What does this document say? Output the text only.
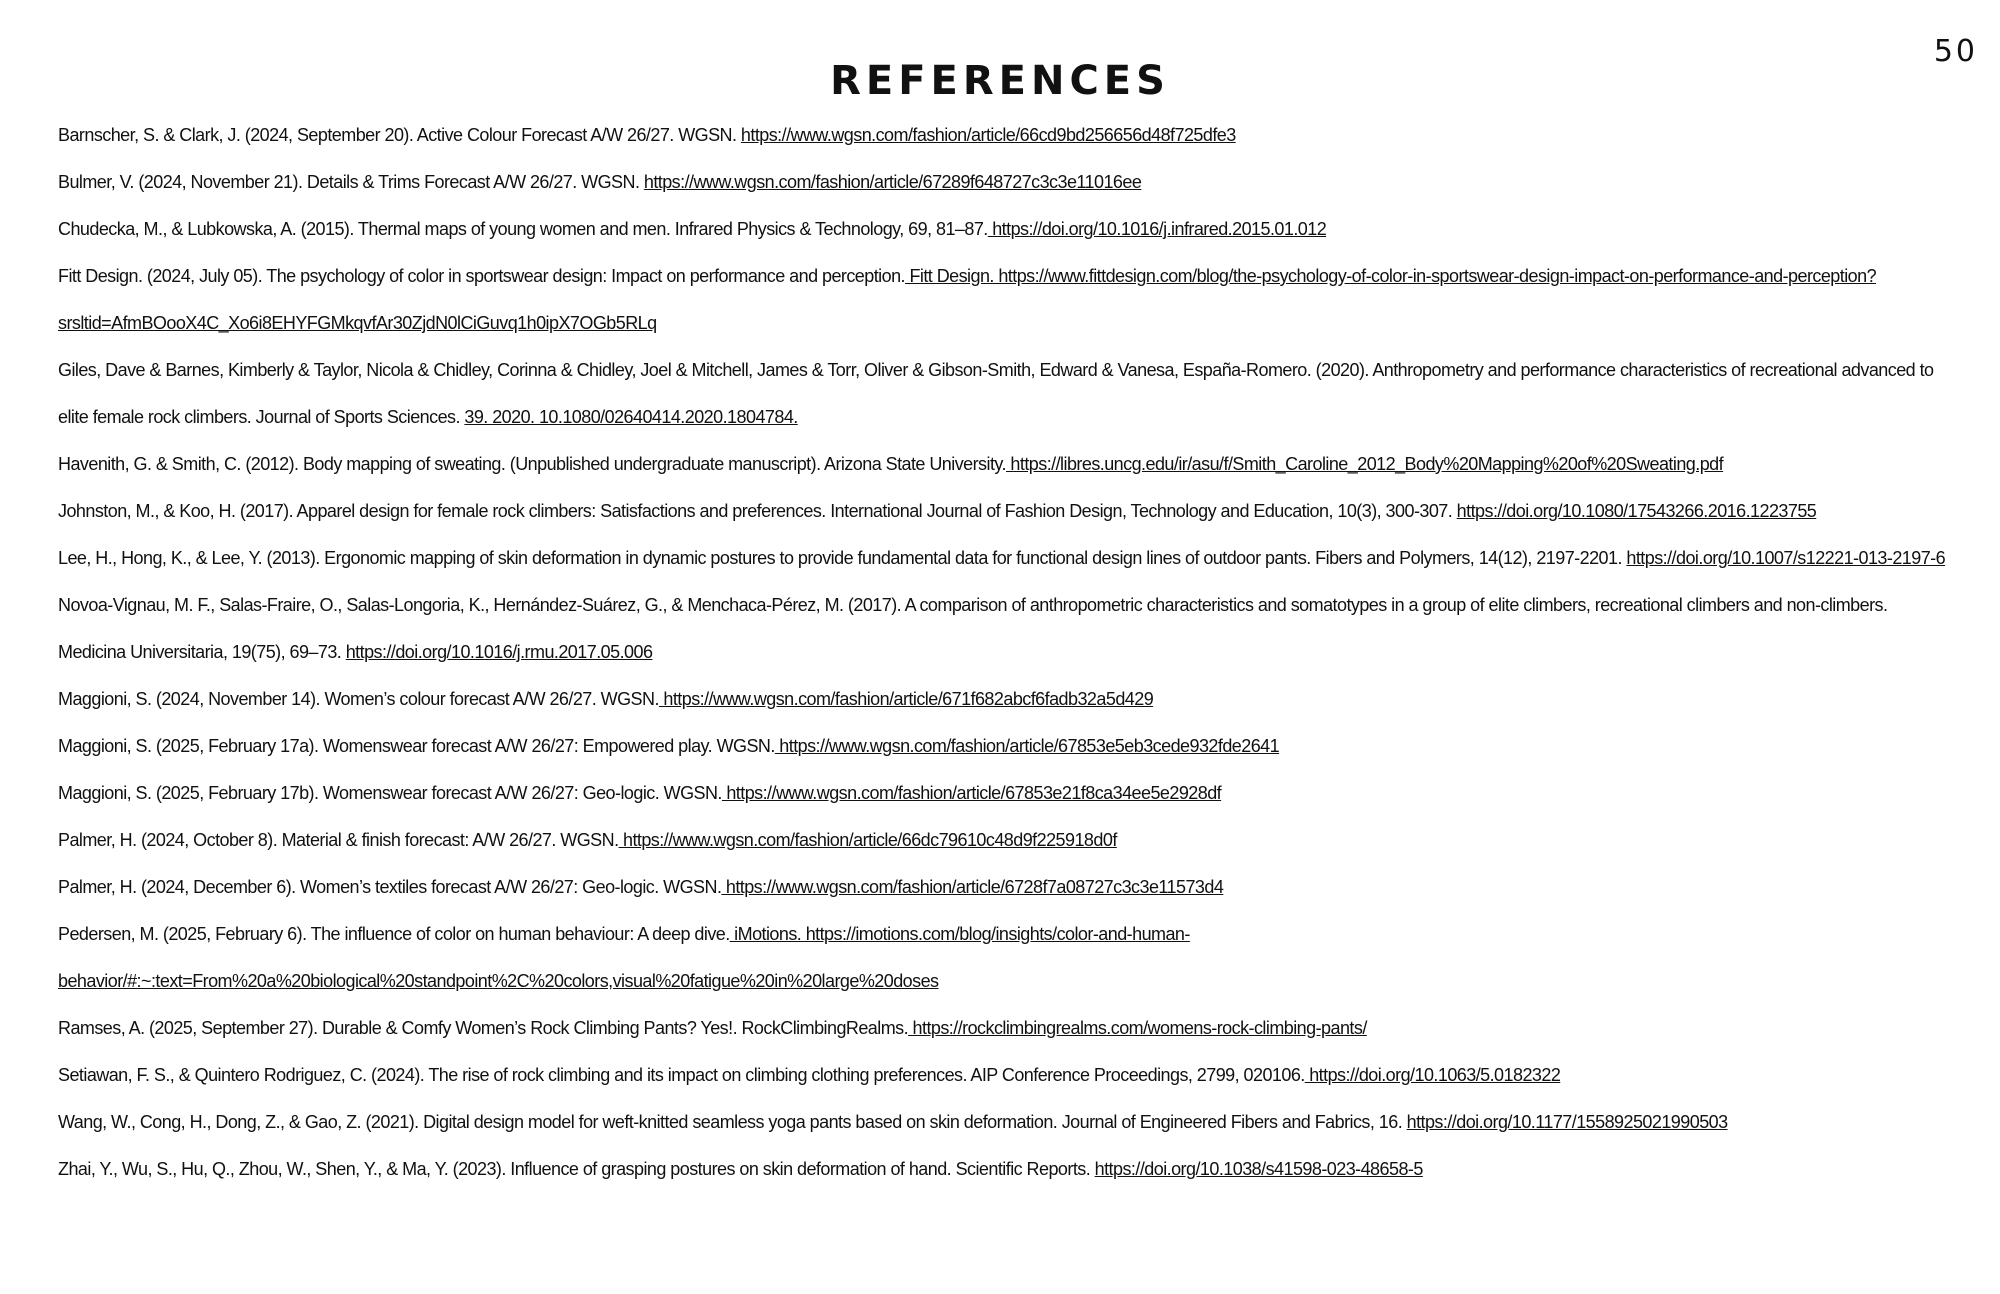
50
REFERENCES
Barnscher, S. & Clark, J. (2024, September 20). Active Colour Forecast A/W 26/27. WGSN. https://www.wgsn.com/fashion/article/66cd9bd256656d48f725dfe3
Bulmer, V. (2024, November 21). Details & Trims Forecast A/W 26/27. WGSN. https://www.wgsn.com/fashion/article/67289f648727c3c3e11016ee
Chudecka, M., & Lubkowska, A. (2015). Thermal maps of young women and men. Infrared Physics & Technology, 69, 81–87. https://doi.org/10.1016/j.infrared.2015.01.012
Fitt Design. (2024, July 05). The psychology of color in sportswear design: Impact on performance and perception. Fitt Design. https://www.fittdesign.com/blog/the-psychology-of-color-in-sportswear-design-impact-on-performance-and-perception?srsltid=AfmBOooX4C_Xo6i8EHYFGMkqvfAr30ZjdN0lCiGuvq1h0ipX7OGb5RLq
Giles, Dave & Barnes, Kimberly & Taylor, Nicola & Chidley, Corinna & Chidley, Joel & Mitchell, James & Torr, Oliver & Gibson-Smith, Edward & Vanesa, España-Romero. (2020). Anthropometry and performance characteristics of recreational advanced to elite female rock climbers. Journal of Sports Sciences. 39. 2020. 10.1080/02640414.2020.1804784.
Havenith, G. & Smith, C. (2012). Body mapping of sweating. (Unpublished undergraduate manuscript). Arizona State University. https://libres.uncg.edu/ir/asu/f/Smith_Caroline_2012_Body%20Mapping%20of%20Sweating.pdf
Johnston, M., & Koo, H. (2017). Apparel design for female rock climbers: Satisfactions and preferences. International Journal of Fashion Design, Technology and Education, 10(3), 300-307. https://doi.org/10.1080/17543266.2016.1223755
Lee, H., Hong, K., & Lee, Y. (2013). Ergonomic mapping of skin deformation in dynamic postures to provide fundamental data for functional design lines of outdoor pants. Fibers and Polymers, 14(12), 2197-2201. https://doi.org/10.1007/s12221-013-2197-6
Novoa-Vignau, M. F., Salas-Fraire, O., Salas-Longoria, K., Hernández-Suárez, G., & Menchaca-Pérez, M. (2017). A comparison of anthropometric characteristics and somatotypes in a group of elite climbers, recreational climbers and non-climbers. Medicina Universitaria, 19(75), 69–73. https://doi.org/10.1016/j.rmu.2017.05.006
Maggioni, S. (2024, November 14). Women’s colour forecast A/W 26/27. WGSN. https://www.wgsn.com/fashion/article/671f682abcf6fadb32a5d429
Maggioni, S. (2025, February 17a). Womenswear forecast A/W 26/27: Empowered play. WGSN. https://www.wgsn.com/fashion/article/67853e5eb3cede932fde2641
Maggioni, S. (2025, February 17b). Womenswear forecast A/W 26/27: Geo-logic. WGSN. https://www.wgsn.com/fashion/article/67853e21f8ca34ee5e2928df
Palmer, H. (2024, October 8). Material & finish forecast: A/W 26/27. WGSN. https://www.wgsn.com/fashion/article/66dc79610c48d9f225918d0f
Palmer, H. (2024, December 6). Women’s textiles forecast A/W 26/27: Geo-logic. WGSN. https://www.wgsn.com/fashion/article/6728f7a08727c3c3e11573d4
Pedersen, M. (2025, February 6). The influence of color on human behaviour: A deep dive. iMotions. https://imotions.com/blog/insights/color-and-human-behavior/#:~:text=From%20a%20biological%20standpoint%2C%20colors,visual%20fatigue%20in%20large%20doses
Ramses, A. (2025, September 27). Durable & Comfy Women’s Rock Climbing Pants? Yes!. RockClimbingRealms. https://rockclimbingrealms.com/womens-rock-climbing-pants/
Setiawan, F. S., & Quintero Rodriguez, C. (2024). The rise of rock climbing and its impact on climbing clothing preferences. AIP Conference Proceedings, 2799, 020106. https://doi.org/10.1063/5.0182322
Wang, W., Cong, H., Dong, Z., & Gao, Z. (2021). Digital design model for weft-knitted seamless yoga pants based on skin deformation. Journal of Engineered Fibers and Fabrics, 16. https://doi.org/10.1177/1558925021990503
Zhai, Y., Wu, S., Hu, Q., Zhou, W., Shen, Y., & Ma, Y. (2023). Influence of grasping postures on skin deformation of hand. Scientific Reports. https://doi.org/10.1038/s41598-023-48658-5
